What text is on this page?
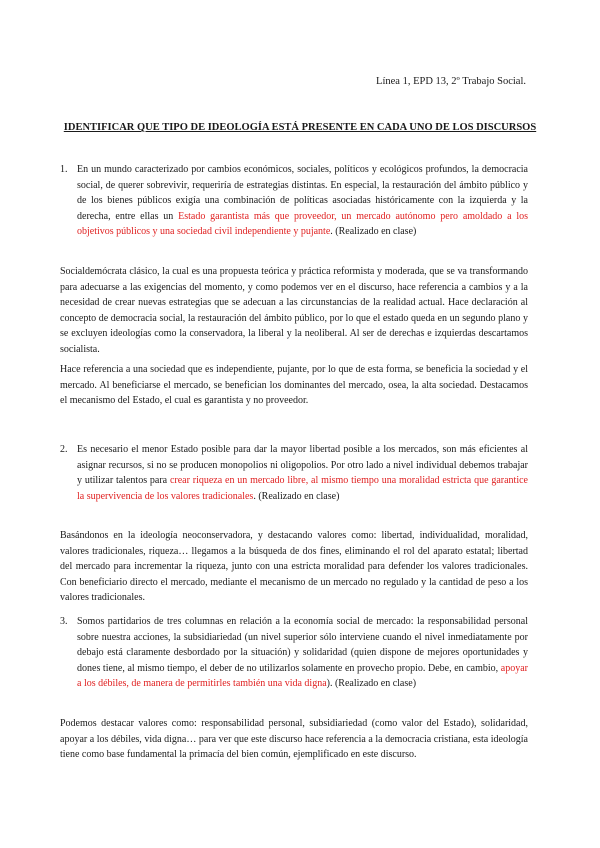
Línea 1, EPD 13, 2º Trabajo Social.
IDENTIFICAR QUE TIPO DE IDEOLOGÍA ESTÁ PRESENTE EN CADA UNO DE LOS DISCURSOS
1. En un mundo caracterizado por cambios económicos, sociales, políticos y ecológicos profundos, la democracia social, de querer sobrevivir, requeriría de estrategias distintas. En especial, la restauración del ámbito público y de los bienes públicos exigía una combinación de políticas asociadas históricamente con la izquierda y la derecha, entre ellas un Estado garantista más que proveedor, un mercado autónomo pero amoldado a los objetivos públicos y una sociedad civil independiente y pujante. (Realizado en clase)
Socialdemócrata clásico, la cual es una propuesta teórica y práctica reformista y moderada, que se va transformando para adecuarse a las exigencias del momento, y como podemos ver en el discurso, hace referencia a cambios y a la necesidad de crear nuevas estrategias que se adecuan a las circunstancias de la realidad actual. Hace declaración al concepto de democracia social, la restauración del ámbito público, por lo que el estado queda en un segundo plano y se excluyen ideologías como la conservadora, la liberal y la neoliberal. Al ser de derechas e izquierdas descartamos socialista.
Hace referencia a una sociedad que es independiente, pujante, por lo que de esta forma, se beneficia la sociedad y el mercado. Al beneficiarse el mercado, se benefician los dominantes del mercado, osea, la alta sociedad. Destacamos el mecanismo del Estado, el cual es garantista y no proveedor.
2. Es necesario el menor Estado posible para dar la mayor libertad posible a los mercados, son más eficientes al asignar recursos, si no se producen monopolios ni oligopolios. Por otro lado a nivel individual debemos trabajar y utilizar talentos para crear riqueza en un mercado libre, al mismo tiempo una moralidad estricta que garantice la supervivencia de los valores tradicionales. (Realizado en clase)
Basándonos en la ideología neoconservadora, y destacando valores como: libertad, individualidad, moralidad, valores tradicionales, riqueza… llegamos a la búsqueda de dos fines, eliminando el rol del aparato estatal; libertad del mercado para incrementar la riqueza, junto con una estricta moralidad para defender los valores tradicionales. Con beneficiario directo el mercado, mediante el mecanismo de un mercado no regulado y la cantidad de peso a los valores tradicionales.
3. Somos partidarios de tres columnas en relación a la economía social de mercado: la responsabilidad personal sobre nuestra acciones, la subsidiariedad (un nivel superior sólo interviene cuando el nivel inmediatamente por debajo está claramente desbordado por la situación) y solidaridad (quien dispone de mejores oportunidades y dones tiene, al mismo tiempo, el deber de no utilizarlos solamente en provecho propio. Debe, en cambio, apoyar a los débiles, de manera de permitirles también una vida digna). (Realizado en clase)
Podemos destacar valores como: responsabilidad personal, subsidiariedad (como valor del Estado), solidaridad, apoyar a los débiles, vida digna… para ver que este discurso hace referencia a la democracia cristiana, esta ideología tiene como base fundamental la primacía del bien común, ejemplificado en este discurso.
